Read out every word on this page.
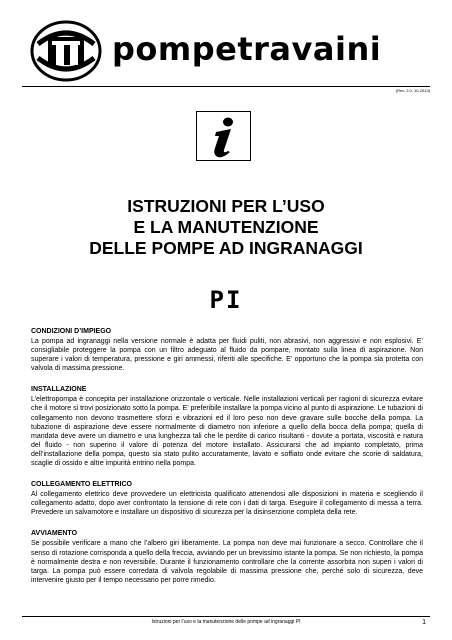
pompetravaini
(Rev. 2.0, 10-2013)
ISTRUZIONI PER L’USO
E LA MANUTENZIONE
DELLE POMPE AD INGRANAGGI
PI
CONDIZIONI D’IMPIEGO

La pompa ad ingranaggi nella versione normale è adatta per fluidi puliti, non abrasivi, non aggressivi e non esplosivi. E’ consigliabile proteggere la pompa con un filtro adeguato al fluido da pompare, montato sulla linea di aspirazione. Non superare i valori di temperatura, pressione e giri ammessi, riferiti alle specifiche. E’ opportuno che la pompa sia protetta con valvola di massima pressione.

INSTALLAZIONE

L’elettropompa è concepita per installazione orizzontale o verticale. Nelle installazioni verticali per ragioni di sicurezza evitare che il motore si trovi posizionato sotto la pompa. E’ preferibile installare la pompa vicino al punto di aspirazione. Le tubazioni di collegamento non devono trasmettere sforzi e vibrazioni ed il loro peso non deve gravare sulle bocche della pompa. La tubazione di aspirazione deve essere normalmente di diametro non inferiore a quello della bocca della pompa; quella di mandata deve avere un diametro e una lunghezza tali che le perdite di carico risultanti - dovute a portata, viscosità e natura del fluido - non superino il valore di potenza del motore installato. Assicurarsi che ad impianto completato, prima dell’installazione della pompa, questo sia stato pulito accuratamente, lavato e soffiato onde evitare che scorie di saldatura, scaglie di ossido e altre impurità entrino nella pompa.

COLLEGAMENTO ELETTRICO

Al collegamento elettrico deve provvedere un elettricista qualificato attenendosi alle disposizioni in materia e scegliendo il collegamento adatto, dopo aver confrontato la tensione di rete con i dati di targa. Eseguire il collegamento di messa a terra. Prevedere un salvamotore e installare un dispositivo di sicurezza per la disinserzione completa della rete.

AVVIAMENTO

Se possibile verificare a mano che l’albero giri liberamente. La pompa non deve mai funzionare a secco. Controllare che il senso di rotazione corrisponda a quello della freccia, avviando per un brevissimo istante la pompa. Se non richiesto, la pompa è normalmente destra e non reversibile. Durante il funzionamento controllare che la corrente assorbita non superi i valori di targa. La pompa può essere corredata di valvola regolabile di massima pressione che, perché solo di sicurezza, deve intervenire giusto per il tempo necessario per porre rimedio.

Istruzioni per l’uso e la manutenzione delle pompe ad ingranaggi PI	1
